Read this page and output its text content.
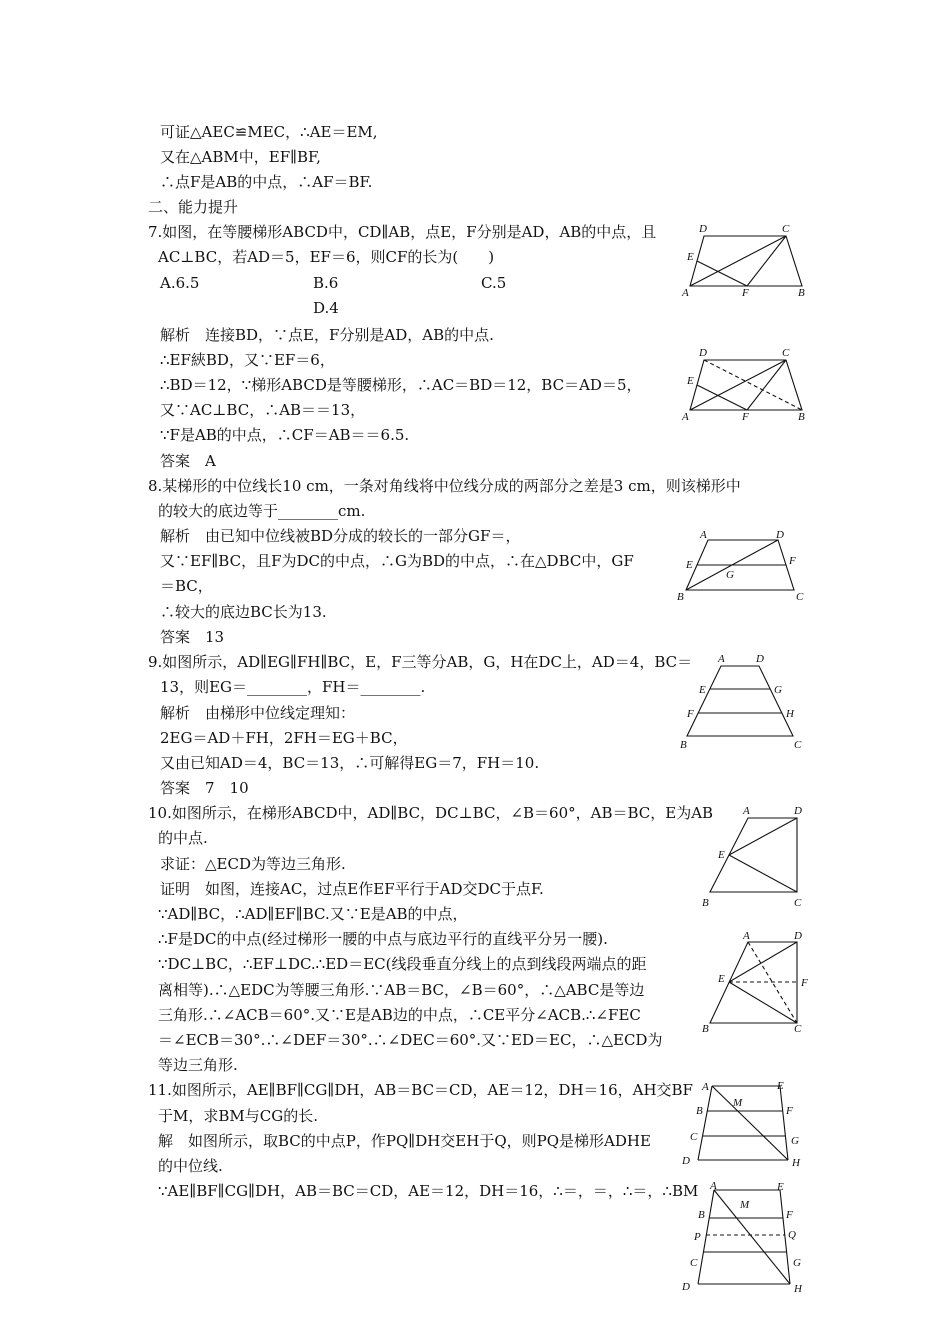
可证△AEC≌MEC，∴AE＝EM,
又在△ABM中，EF∥BF,
∴点F是AB的中点，∴AF＝BF.
二、能力提升
7.如图，在等腰梯形ABCD中，CD∥AB，点E，F分别是AD，AB的中点，且
AC⊥BC，若AD＝5，EF＝6，则CF的长为(　　)
A.6.5	B.6	C.5
D.4
解析　连接BD，∵点E，F分别是AD，AB的中点.
∴EF綊BD，又∵EF＝6，
∴BD＝12，∵梯形ABCD是等腰梯形，∴AC＝BD＝12，BC＝AD＝5，
又∵AC⊥BC，∴AB＝＝13，
∵F是AB的中点，∴CF＝AB＝＝6.5.
答案　A
8.某梯形的中位线长10 cm，一条对角线将中位线分成的两部分之差是3 cm，则该梯形中
的较大的底边等于________cm.
解析　由已知中位线被BD分成的较长的一部分GF＝，
又∵EF∥BC，且F为DC的中点，∴G为BD的中点，∴在△DBC中，GF
＝BC，
∴较大的底边BC长为13.
答案　13
9.如图所示，AD∥EG∥FH∥BC，E，F三等分AB，G，H在DC上，AD＝4，BC＝
13，则EG＝________，FH＝________.
解析　由梯形中位线定理知：
2EG＝AD＋FH，2FH＝EG＋BC，
又由已知AD＝4，BC＝13，∴可解得EG＝7，FH＝10.
答案　7　10
10.如图所示，在梯形ABCD中，AD∥BC，DC⊥BC，∠B＝60°，AB＝BC，E为AB
的中点.
求证：△ECD为等边三角形.
证明　如图，连接AC，过点E作EF平行于AD交DC于点F.
∵AD∥BC，∴AD∥EF∥BC.又∵E是AB的中点，
∴F是DC的中点(经过梯形一腰的中点与底边平行的直线平分另一腰).
∵DC⊥BC，∴EF⊥DC.∴ED＝EC(线段垂直分线上的点到线段两端点的距
离相等).∴△EDC为等腰三角形.∵AB＝BC，∠B＝60°，∴△ABC是等边
三角形.∴∠ACB＝60°.又∵E是AB边的中点，∴CE平分∠ACB.∴∠FEC
＝∠ECB＝30°.∴∠DEF＝30°.∴∠DEC＝60°.又∵ED＝EC，∴△ECD为
等边三角形.
11.如图所示，AE∥BF∥CG∥DH，AB＝BC＝CD，AE＝12，DH＝16，AH交BF
于M，求BM与CG的长.
解　如图所示，取BC的中点P，作PQ∥DH交EH于Q，则PQ是梯形ADHE
的中位线.
∵AE∥BF∥CG∥DH，AB＝BC＝CD，AE＝12，DH＝16，∴＝，＝，∴＝，∴BM
D	C
E
A	F	B
D	C
E
A	F	B
A	D
E	F
G
B	C
A	D
E	G
F	H
B	C
A	D
E
B	C
A	D
E	F
B	C
A	E
B
M
F
C	G
D	H
A	E
M
B	F
P	Q
C	G
D	H
